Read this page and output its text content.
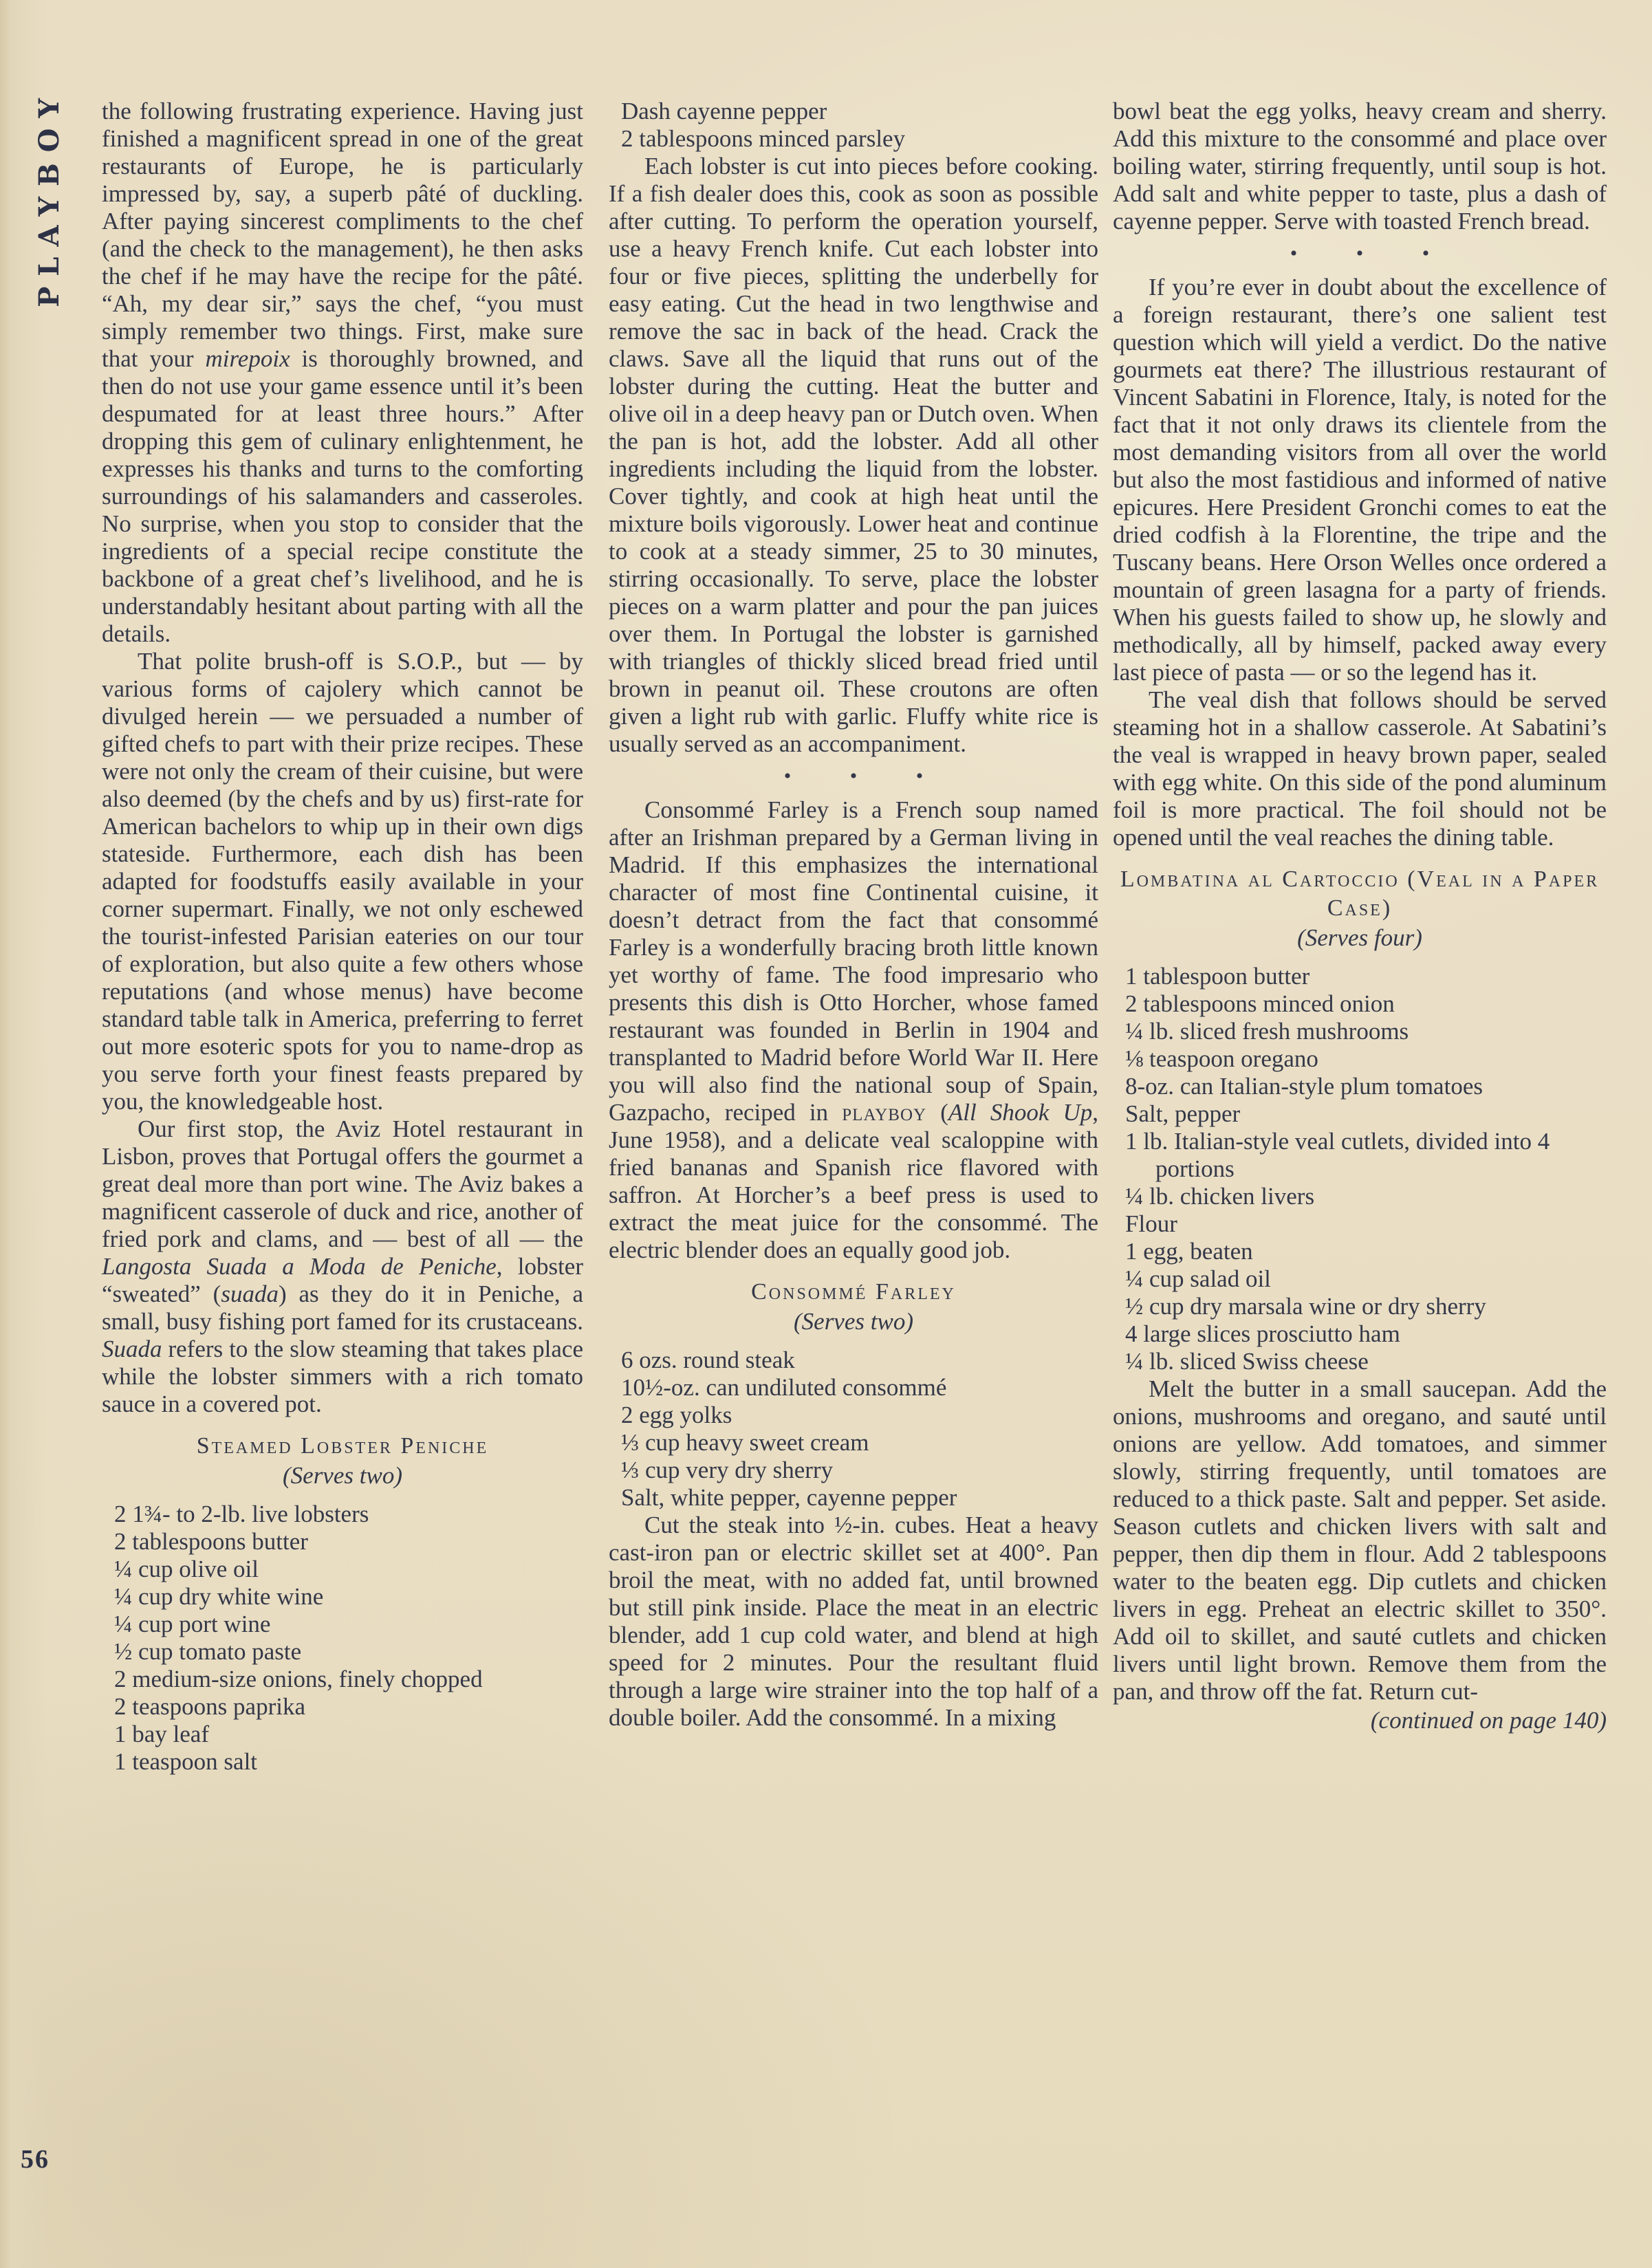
PLAYBOY the following frustrating experience. Having just finished a magnificent spread in one of the great restaurants of Europe, he is particularly impressed by, say, a superb pâté of duckling. After paying sincerest compliments to the chef (and the check to the management), he then asks the chef if he may have the recipe for the pâté. “Ah, my dear sir,” says the chef, “you must simply remember two things. First, make sure that your mirepoix is thoroughly browned, and then do not use your game essence until it’s been despumated for at least three hours.” After dropping this gem of culinary enlightenment, he expresses his thanks and turns to the comforting surroundings of his salamanders and casseroles. No surprise, when you stop to consider that the ingredients of a special recipe constitute the backbone of a great chef’s livelihood, and he is understandably hesitant about parting with all the details.
That polite brush-off is S.O.P., but — by various forms of cajolery which cannot be divulged herein — we persuaded a number of gifted chefs to part with their prize recipes. These were not only the cream of their cuisine, but were also deemed (by the chefs and by us) first-rate for American bachelors to whip up in their own digs stateside. Furthermore, each dish has been adapted for foodstuffs easily available in your corner supermart. Finally, we not only eschewed the tourist-infested Parisian eateries on our tour of exploration, but also quite a few others whose reputations (and whose menus) have become standard table talk in America, preferring to ferret out more esoteric spots for you to name-drop as you serve forth your finest feasts prepared by you, the knowledgeable host.
Our first stop, the Aviz Hotel restaurant in Lisbon, proves that Portugal offers the gourmet a great deal more than port wine. The Aviz bakes a magnificent casserole of duck and rice, another of fried pork and clams, and — best of all — the Langosta Suada a Moda de Peniche, lobster “sweated” (suada) as they do it in Peniche, a small, busy fishing port famed for its crustaceans. Suada refers to the slow steaming that takes place while the lobster simmers with a rich tomato sauce in a covered pot.
Steamed Lobster Peniche
(Serves two)
2 1¾- to 2-lb. live lobsters
2 tablespoons butter
¼ cup olive oil
¼ cup dry white wine
¼ cup port wine
½ cup tomato paste
2 medium-size onions, finely chopped
2 teaspoons paprika
1 bay leaf
1 teaspoon salt
Dash cayenne pepper
2 tablespoons minced parsley
Each lobster is cut into pieces before cooking. If a fish dealer does this, cook as soon as possible after cutting. To perform the operation yourself, use a heavy French knife. Cut each lobster into four or five pieces, splitting the underbelly for easy eating. Cut the head in two lengthwise and remove the sac in back of the head. Crack the claws. Save all the liquid that runs out of the lobster during the cutting. Heat the butter and olive oil in a deep heavy pan or Dutch oven. When the pan is hot, add the lobster. Add all other ingredients including the liquid from the lobster. Cover tightly, and cook at high heat until the mixture boils vigorously. Lower heat and continue to cook at a steady simmer, 25 to 30 minutes, stirring occasionally. To serve, place the lobster pieces on a warm platter and pour the pan juices over them. In Portugal the lobster is garnished with triangles of thickly sliced bread fried until brown in peanut oil. These croutons are often given a light rub with garlic. Fluffy white rice is usually served as an accompaniment.
• • •
Consommé Farley is a French soup named after an Irishman prepared by a German living in Madrid. If this emphasizes the international character of most fine Continental cuisine, it doesn’t detract from the fact that consommé Farley is a wonderfully bracing broth little known yet worthy of fame. The food impresario who presents this dish is Otto Horcher, whose famed restaurant was founded in Berlin in 1904 and transplanted to Madrid before World War II. Here you will also find the national soup of Spain, Gazpacho, reciped in playboy (All Shook Up, June 1958), and a delicate veal scaloppine with fried bananas and Spanish rice flavored with saffron. At Horcher’s a beef press is used to extract the meat juice for the consommé. The electric blender does an equally good job.
Consommé Farley
(Serves two)
6 ozs. round steak
10½-oz. can undiluted consommé
2 egg yolks
⅓ cup heavy sweet cream
⅓ cup very dry sherry
Salt, white pepper, cayenne pepper
Cut the steak into ½-in. cubes. Heat a heavy cast-iron pan or electric skillet set at 400°. Pan broil the meat, with no added fat, until browned but still pink inside. Place the meat in an electric blender, add 1 cup cold water, and blend at high speed for 2 minutes. Pour the resultant fluid through a large wire strainer into the top half of a double boiler. Add the consommé. In a mixing
bowl beat the egg yolks, heavy cream and sherry. Add this mixture to the consommé and place over boiling water, stirring frequently, until soup is hot. Add salt and white pepper to taste, plus a dash of cayenne pepper. Serve with toasted French bread.
• • •
If you’re ever in doubt about the excellence of a foreign restaurant, there’s one salient test question which will yield a verdict. Do the native gourmets eat there? The illustrious restaurant of Vincent Sabatini in Florence, Italy, is noted for the fact that it not only draws its clientele from the most demanding visitors from all over the world but also the most fastidious and informed of native epicures. Here President Gronchi comes to eat the dried codfish à la Florentine, the tripe and the Tuscany beans. Here Orson Welles once ordered a mountain of green lasagna for a party of friends. When his guests failed to show up, he slowly and methodically, all by himself, packed away every last piece of pasta — or so the legend has it.
The veal dish that follows should be served steaming hot in a shallow casserole. At Sabatini’s the veal is wrapped in heavy brown paper, sealed with egg white. On this side of the pond aluminum foil is more practical. The foil should not be opened until the veal reaches the dining table.
Lombatina al Cartoccio (Veal in a Paper Case)
(Serves four)
1 tablespoon butter
2 tablespoons minced onion
¼ lb. sliced fresh mushrooms
⅛ teaspoon oregano
8-oz. can Italian-style plum tomatoes
Salt, pepper
1 lb. Italian-style veal cutlets, divided into 4 portions
¼ lb. chicken livers
Flour
1 egg, beaten
¼ cup salad oil
½ cup dry marsala wine or dry sherry
4 large slices prosciutto ham
¼ lb. sliced Swiss cheese
Melt the butter in a small saucepan. Add the onions, mushrooms and oregano, and sauté until onions are yellow. Add tomatoes, and simmer slowly, stirring frequently, until tomatoes are reduced to a thick paste. Salt and pepper. Set aside. Season cutlets and chicken livers with salt and pepper, then dip them in flour. Add 2 tablespoons water to the beaten egg. Dip cutlets and chicken livers in egg. Preheat an electric skillet to 350°. Add oil to skillet, and sauté cutlets and chicken livers until light brown. Remove them from the pan, and throw off the fat. Return cut-
(continued on page 140)
56
